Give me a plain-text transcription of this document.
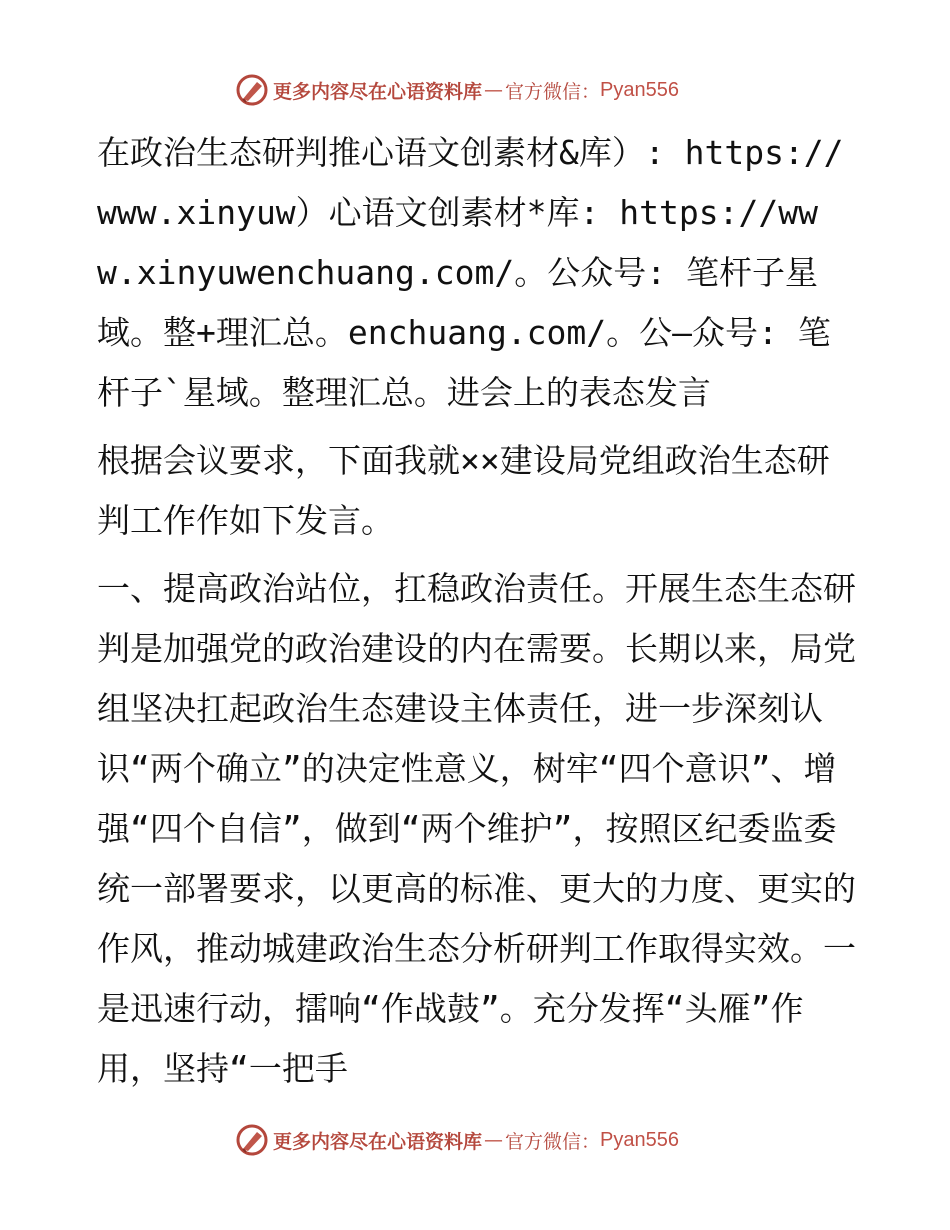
更多内容尽在心语资料库 — 官方微信： Pyan556

在政治生态研判推心语文创素材&库）: https://www.xinyuw）心语文创素材*库: https://www.xinyuwenchuang.com/。公众号: 笔杆子星域。整+理汇总。enchuang.com/。公—众号: 笔杆子`星域。整理汇总。进会上的表态发言

根据会议要求，下面我就××建设局党组政治生态研判工作作如下发言。

一、提高政治站位，扛稳政治责任。开展生态生态研判是加强党的政治建设的内在需要。长期以来，局党组坚决扛起政治生态建设主体责任，进一步深刻认识“两个确立”的决定性意义，树牢“四个意识”、增强“四个自信”，做到“两个维护”，按照区纪委监委统一部署要求，以更高的标准、更大的力度、更实的作风，推动城建政治生态分析研判工作取得实效。一是迅速行动，擂响“作战鼓”。充分发挥“头雁”作用，坚持“一把手

更多内容尽在心语资料库 — 官方微信： Pyan556
